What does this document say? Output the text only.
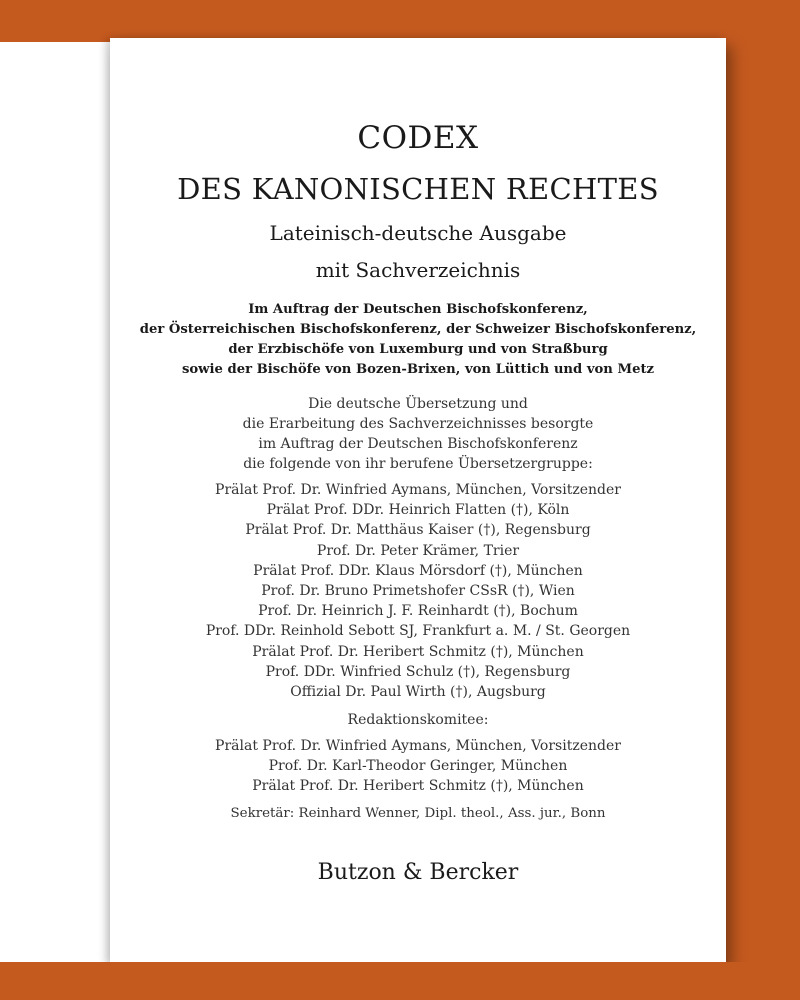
CODEX
DES KANONISCHEN RECHTES
Lateinisch-deutsche Ausgabe
mit Sachverzeichnis
Im Auftrag der Deutschen Bischofskonferenz,
der Österreichischen Bischofskonferenz, der Schweizer Bischofskonferenz,
der Erzbischöfe von Luxemburg und von Straßburg
sowie der Bischöfe von Bozen-Brixen, von Lüttich und von Metz
Die deutsche Übersetzung und
die Erarbeitung des Sachverzeichnisses besorgte
im Auftrag der Deutschen Bischofskonferenz
die folgende von ihr berufene Übersetzergruppe:
Prälat Prof. Dr. Winfried Aymans, München, Vorsitzender
Prälat Prof. DDr. Heinrich Flatten (†), Köln
Prälat Prof. Dr. Matthäus Kaiser (†), Regensburg
Prof. Dr. Peter Krämer, Trier
Prälat Prof. DDr. Klaus Mörsdorf (†), München
Prof. Dr. Bruno Primetshofer CSsR (†), Wien
Prof. Dr. Heinrich J. F. Reinhardt (†), Bochum
Prof. DDr. Reinhold Sebott SJ, Frankfurt a. M. / St. Georgen
Prälat Prof. Dr. Heribert Schmitz (†), München
Prof. DDr. Winfried Schulz (†), Regensburg
Offizial Dr. Paul Wirth (†), Augsburg
Redaktionskomitee:
Prälat Prof. Dr. Winfried Aymans, München, Vorsitzender
Prof. Dr. Karl-Theodor Geringer, München
Prälat Prof. Dr. Heribert Schmitz (†), München
Sekretär: Reinhard Wenner, Dipl. theol., Ass. jur., Bonn
Butzon & Bercker
